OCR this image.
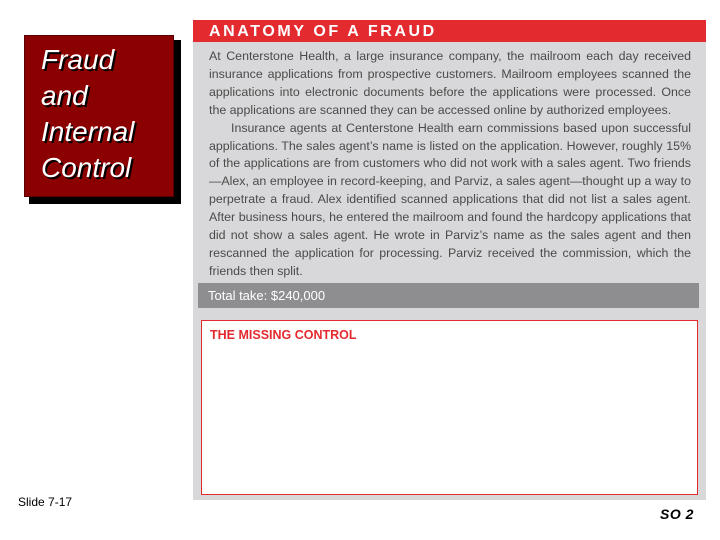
Fraud
and
Internal
Control
ANATOMY OF A FRAUD

At Centerstone Health, a large insurance company, the mailroom each day received insurance applications from prospective customers. Mailroom employees scanned the applications into electronic documents before the applications were processed. Once the applications are scanned they can be accessed online by authorized employees.

Insurance agents at Centerstone Health earn commissions based upon successful applications. The sales agent’s name is listed on the application. However, roughly 15% of the applications are from customers who did not work with a sales agent. Two friends—Alex, an employee in record-keeping, and Parviz, a sales agent—thought up a way to perpetrate a fraud. Alex identified scanned applications that did not list a sales agent. After business hours, he entered the mailroom and found the hardcopy applications that did not show a sales agent. He wrote in Parviz’s name as the sales agent and then rescanned the application for processing. Parviz received the commission, which the friends then split.

Total take: $240,000
THE MISSING CONTROL
Slide 7-17
SO 2
